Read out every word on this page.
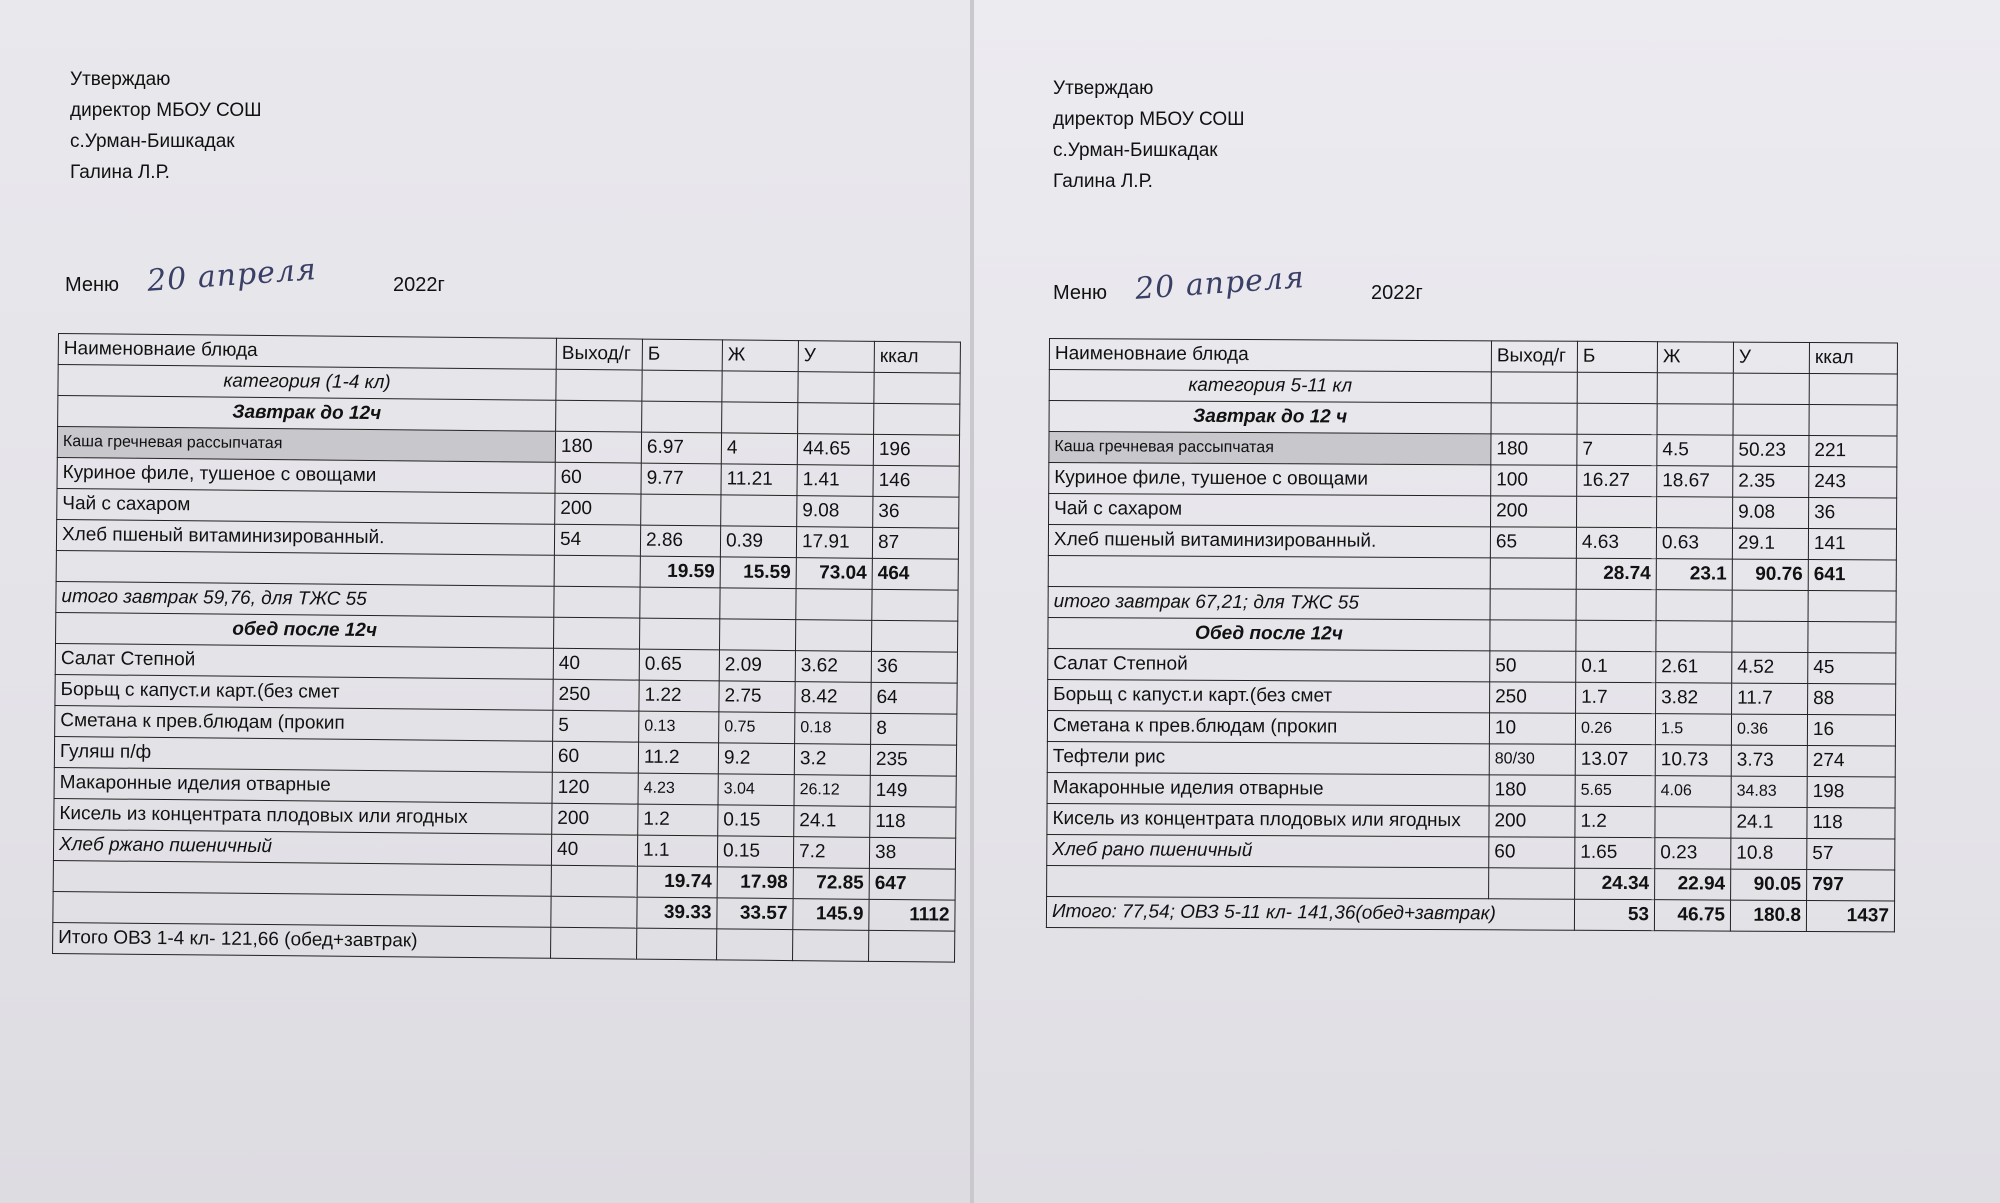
Утверждаю
директор МБОУ СОШ
с.Урман-Бишкадак
Галина Л.Р.
Меню 20 апреля	2022г
Наименовнаие блюда	Выход/г	Б	Ж	У	ккал
категория (1-4 кл)					
Завтрак до 12ч					
Каша гречневая рассыпчатая	180	6.97	4	44.65	196
Куриное филе, тушеное с овощами	60	9.77	11.21	1.41	146
Чай с сахаром	200			9.08	36
Хлеб пшеный витаминизированный.	54	2.86	0.39	17.91	87
		19.59	15.59	73.04	464
итого завтрак 59,76, для ТЖС 55					
обед после 12ч					
Салат Степной	40	0.65	2.09	3.62	36
Борьщ с капуст.и карт.(без смет	250	1.22	2.75	8.42	64
Сметана к прев.блюдам (прокип	5	0.13	0.75	0.18	8
Гуляш п/ф	60	11.2	9.2	3.2	235
Макаронные иделия отварные	120	4.23	3.04	26.12	149
Кисель из концентрата плодовых или ягодных	200	1.2	0.15	24.1	118
Хлеб ржано пшеничный	40	1.1	0.15	7.2	38
		19.74	17.98	72.85	647
		39.33	33.57	145.9	1112
Итого ОВЗ 1-4 кл- 121,66 (обед+завтрак)					
Утверждаю
директор МБОУ СОШ
с.Урман-Бишкадак
Галина Л.Р.
Меню 20 апреля	2022г
Наименовнаие блюда	Выход/г	Б	Ж	У	ккал
категория 5-11 кл					
Завтрак до 12 ч					
Каша гречневая рассыпчатая	180	7	4.5	50.23	221
Куриное филе, тушеное с овощами	100	16.27	18.67	2.35	243
Чай с сахаром	200			9.08	36
Хлеб пшеный витаминизированный.	65	4.63	0.63	29.1	141
		28.74	23.1	90.76	641
итого завтрак 67,21; для ТЖС 55					
Обед после 12ч					
Салат Степной	50	0.1	2.61	4.52	45
Борьщ с капуст.и карт.(без смет	250	1.7	3.82	11.7	88
Сметана к прев.блюдам (прокип	10	0.26	1.5	0.36	16
Тефтели рис	80/30	13.07	10.73	3.73	274
Макаронные иделия отварные	180	5.65	4.06	34.83	198
Кисель из концентрата плодовых или ягодных	200	1.2		24.1	118
Хлеб рано пшеничный	60	1.65	0.23	10.8	57
		24.34	22.94	90.05	797
Итого: 77,54; ОВЗ 5-11 кл- 141,36(обед+завтрак)		53	46.75	180.8	1437
